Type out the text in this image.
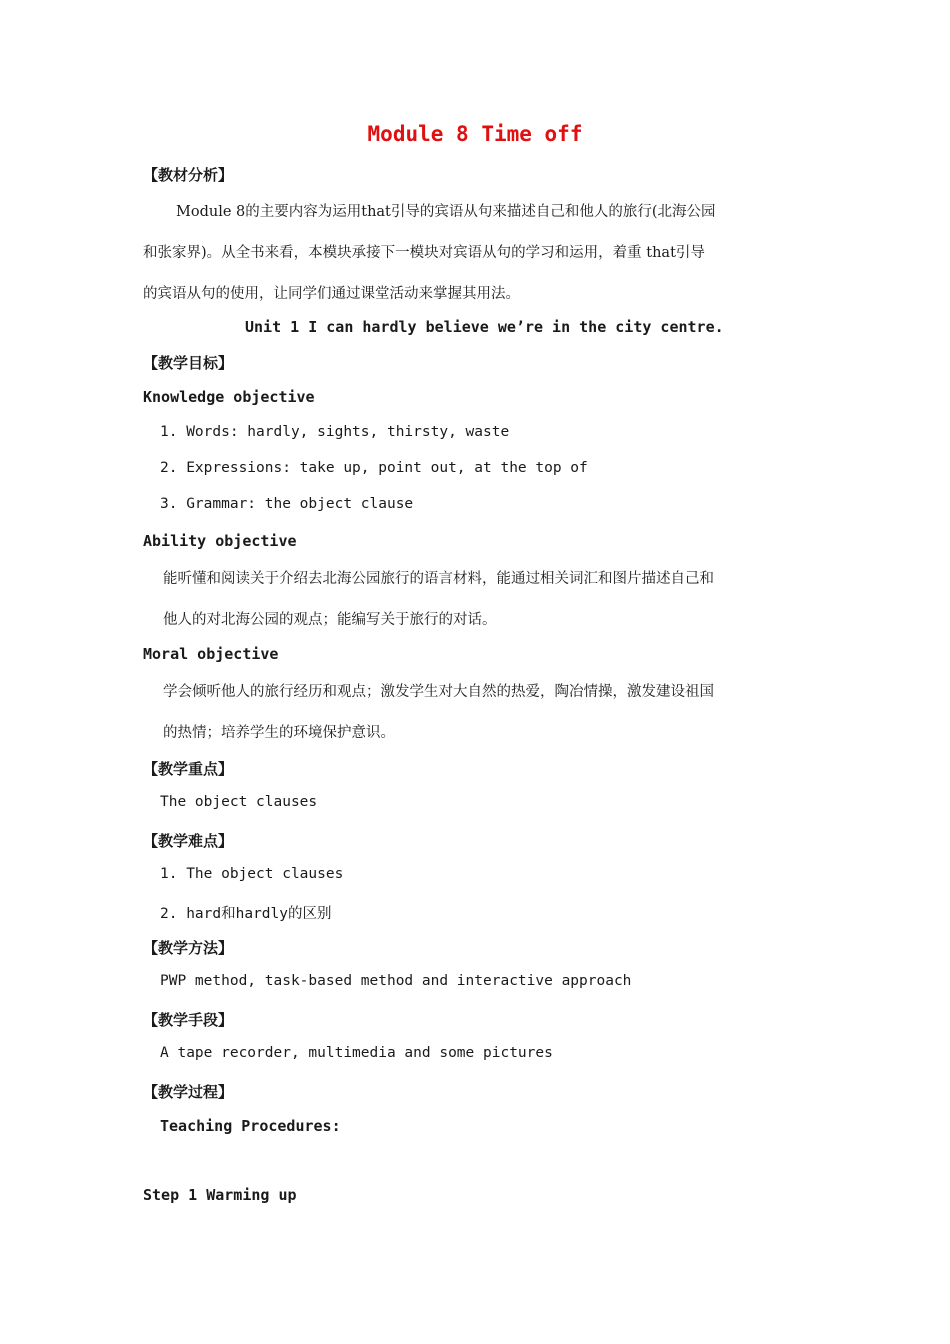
Module 8 Time off
【教材分析】
Module 8的主要内容为运用that引导的宾语从句来描述自己和他人的旅行(北海公园
和张家界)。从全书来看，本模块承接下一模块对宾语从句的学习和运用，着重 that引导
的宾语从句的使用，让同学们通过课堂活动来掌握其用法。
Unit 1 I can hardly believe we’re in the city centre.
【教学目标】
Knowledge objective
1. Words: hardly, sights, thirsty, waste
2. Expressions: take up, point out, at the top of
3. Grammar: the object clause
Ability objective
能听懂和阅读关于介绍去北海公园旅行的语言材料，能通过相关词汇和图片描述自己和
他人的对北海公园的观点；能编写关于旅行的对话。
Moral objective
学会倾听他人的旅行经历和观点；激发学生对大自然的热爱，陶冶情操，激发建设祖国
的热情；培养学生的环境保护意识。
【教学重点】
The object clauses
【教学难点】
1. The object clauses
2. hard和hardly的区别
【教学方法】
PWP method, task-based method and interactive approach
【教学手段】
A tape recorder, multimedia and some pictures
【教学过程】
Teaching Procedures:
Step 1 Warming up
